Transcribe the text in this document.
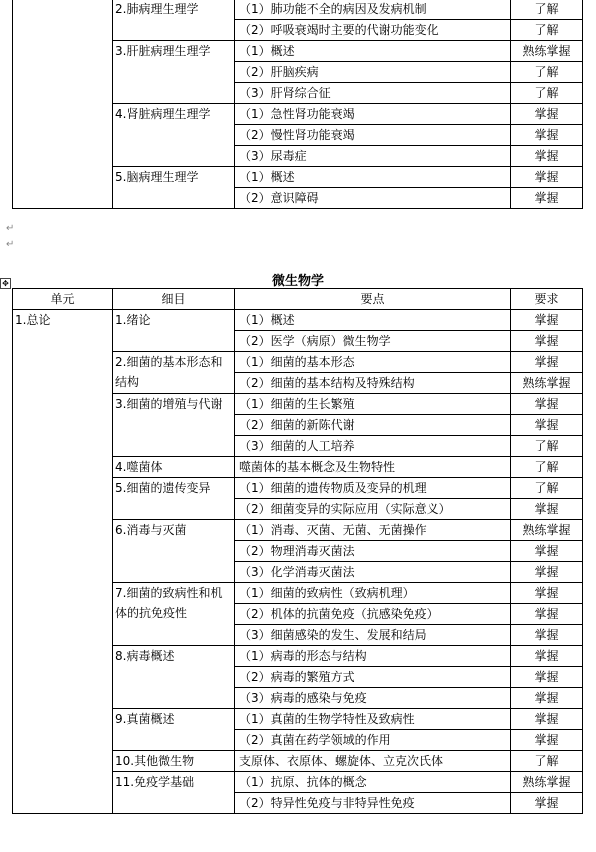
	2.肺病理生理学	（1）肺功能不全的病因及发病机制	了解
		（2）呼吸衰竭时主要的代谢功能变化	了解
	3.肝脏病理生理学	（1）概述	熟练掌握
		（2）肝脑疾病	了解
		（3）肝肾综合征	了解
	4.肾脏病理生理学	（1）急性肾功能衰竭	掌握
		（2）慢性肾功能衰竭	掌握
		（3）尿毒症	掌握
	5.脑病理生理学	（1）概述	掌握
		（2）意识障碍	掌握
↵
↵
✥	微生物学
单元	细目	要点	要求
1.总论	1.绪论	（1）概述	掌握
		（2）医学（病原）微生物学	掌握
	2.细菌的基本形态和结构	（1）细菌的基本形态	掌握
		（2）细菌的基本结构及特殊结构	熟练掌握
	3.细菌的增殖与代谢	（1）细菌的生长繁殖	掌握
		（2）细菌的新陈代谢	掌握
		（3）细菌的人工培养	了解
	4.噬菌体	噬菌体的基本概念及生物特性	了解
	5.细菌的遗传变异	（1）细菌的遗传物质及变异的机理	了解
		（2）细菌变异的实际应用（实际意义）	掌握
	6.消毒与灭菌	（1）消毒、灭菌、无菌、无菌操作	熟练掌握
		（2）物理消毒灭菌法	掌握
		（3）化学消毒灭菌法	掌握
	7.细菌的致病性和机体的抗免疫性	（1）细菌的致病性（致病机理）	掌握
		（2）机体的抗菌免疫（抗感染免疫）	掌握
		（3）细菌感染的发生、发展和结局	掌握
	8.病毒概述	（1）病毒的形态与结构	掌握
		（2）病毒的繁殖方式	掌握
		（3）病毒的感染与免疫	掌握
	9.真菌概述	（1）真菌的生物学特性及致病性	掌握
		（2）真菌在药学领域的作用	掌握
	10.其他微生物	支原体、衣原体、螺旋体、立克次氏体	了解
	11.免疫学基础	（1）抗原、抗体的概念	熟练掌握
		（2）特异性免疫与非特异性免疫	掌握
